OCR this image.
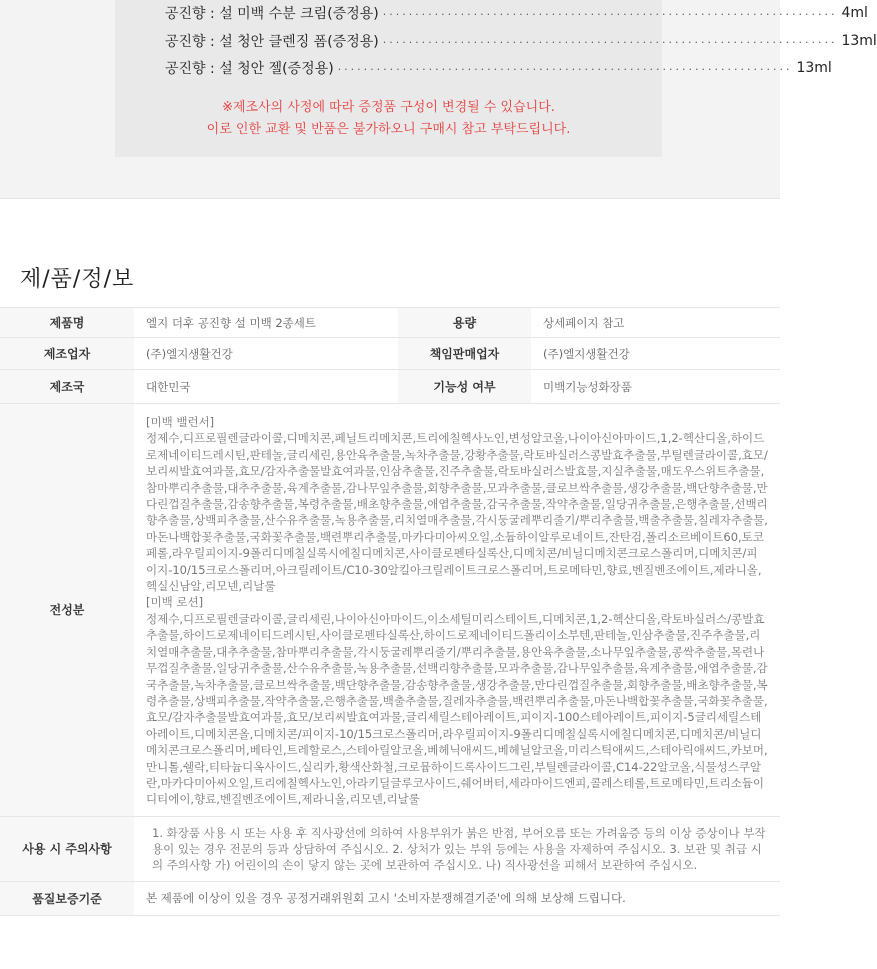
공진향 : 설 미백 수분 크림(증정용) ······································································ 4ml
공진향 : 설 청안 클렌징 폼(증정용) ······································································ 13ml
공진향 : 설 청안 젤(증정용) ······································································ 13ml
※제조사의 사정에 따라 증정품 구성이 변경될 수 있습니다.
이로 인한 교환 및 반품은 불가하오니 구매시 참고 부탁드립니다.
제/품/정/보
제품명	엘지 더후 공진향 설 미백 2종세트	용량	상세페이지 참고
제조업자	(주)엘지생활건강	책임판매업자	(주)엘지생활건강
제조국	대한민국	기능성 여부	미백기능성화장품
전성분	[미백 밸런서]
정제수,디프로필렌글라이콜,디메치콘,페닐트리메치콘,트리에칠헥사노인,변성알코올,나이아신아마이드,1,2-헥산디올,하이드로제네이티드레시틴,판테놀,글리세린,용안육추출물,녹차추출물,강황추출물,락토바실러스콩발효추출물,부틸렌글라이콜,효모/보리씨발효여과물,효모/감자추출물발효여과물,인삼추출물,진주추출물,락토바실러스발효물,지실추출물,매도우스위트추출물,참마뿌리추출물,대추추출물,육계추출물,감나무잎추출물,회향추출물,모과추출물,클로브싹추출물,생강추출물,백단향추출물,만다린껍질추출물,감송향추출물,복령추출물,배초향추출물,애엽추출물,감국추출물,작약추출물,일당귀추출물,은행추출물,선백리향추출물,상백피추출물,산수유추출물,녹용추출물,리치열매추출물,각시둥굴레뿌리줄기/뿌리추출물,백출추출물,칠레자추출물,마돈나백합꽃추출물,국화꽃추출물,백련뿌리추출물,마카다미아씨오일,소듐하이알루로네이트,잔탄검,폴리소르베이트60,토코페롤,라우릴피이지-9폴리디메칠실록시에칠디메치콘,사이클로펜타실록산,디메치콘/비닐디메치콘크로스폴리머,디메치콘/피이지-10/15크로스폴리머,아크릴레이트/C10-30알킬아크릴레이트크로스폴리머,트로메타민,향료,벤질벤조에이트,제라니올,헥실신남알,리모넨,리날룰
[미백 로션]
정제수,디프로필렌글라이콜,글리세린,나이아신아마이드,이소세틸미리스테이트,디메치콘,1,2-헥산디올,락토바실러스/콩발효추출물,하이드로제네이티드레시틴,사이클로펜타실록산,하이드로제네이티드폴리이소부텐,판테놀,인삼추출물,진주추출물,리치열매추출물,대추추출물,참마뿌리추출물,각시둥굴레뿌리줄기/뿌리추출물,용안육추출물,소나무잎추출물,콩싹추출물,목련나무껍질추출물,일당귀추출물,산수유추출물,녹용추출물,선백리향추출물,모과추출물,감나무잎추출물,육계추출물,애엽추출물,감국추출물,녹차추출물,클로브싹추출물,백단향추출물,감송향추출물,생강추출물,만다린껍질추출물,회향추출물,배초향추출물,복령추출물,상백피추출물,작약추출물,은행추출물,백출추출물,질레자추출물,백련뿌리추출물,마돈나백합꽃추출물,국화꽃추출물,효모/감자추출물발효여과물,효모/보리씨발효여과물,글리세릴스테아레이트,피이지-100스테아레이트,피이지-5글리세릴스테아레이트,디메치콘올,디메치콘/피이지-10/15크로스폴리머,라우릴피이지-9폴리디메칠실록시에칠디메치콘,디메치콘/비닐디메치콘크로스폴리머,베타인,트레할로스,스테아릴알코올,베헤닉애씨드,베헤닐알코올,미리스틱애씨드,스테아릭애씨드,카보머,만니톨,쉘락,티타늄디옥사이드,실리카,황색산화철,크로뮴하이드록사이드그린,부틸렌글라이콜,C14-22알코올,식물성스쿠알란,마카다미아씨오일,트리에칠헥사노인,아라키딜글루코사이드,쉐어버터,세라마이드엔피,콜레스테롤,트로메타민,트리소듐이디티에이,향료,벤질벤조에이트,제라니올,리모넨,리날룰		
사용 시 주의사항	1. 화장품 사용 시 또는 사용 후 직사광선에 의하여 사용부위가 붉은 반점, 부어오름 또는 가려움증 등의 이상 증상이나 부작용이 있는 경우 전문의 등과 상담하여 주십시오. 2. 상처가 있는 부위 등에는 사용을 자제하여 주십시오. 3. 보관 및 취급 시의 주의사항 가) 어린이의 손이 닿지 않는 곳에 보관하여 주십시오. 나) 직사광선을 피해서 보관하여 주십시오.		
품질보증기준	본 제품에 이상이 있을 경우 공정거래위원회 고시 '소비자분쟁해결기준'에 의해 보상해 드립니다.		
